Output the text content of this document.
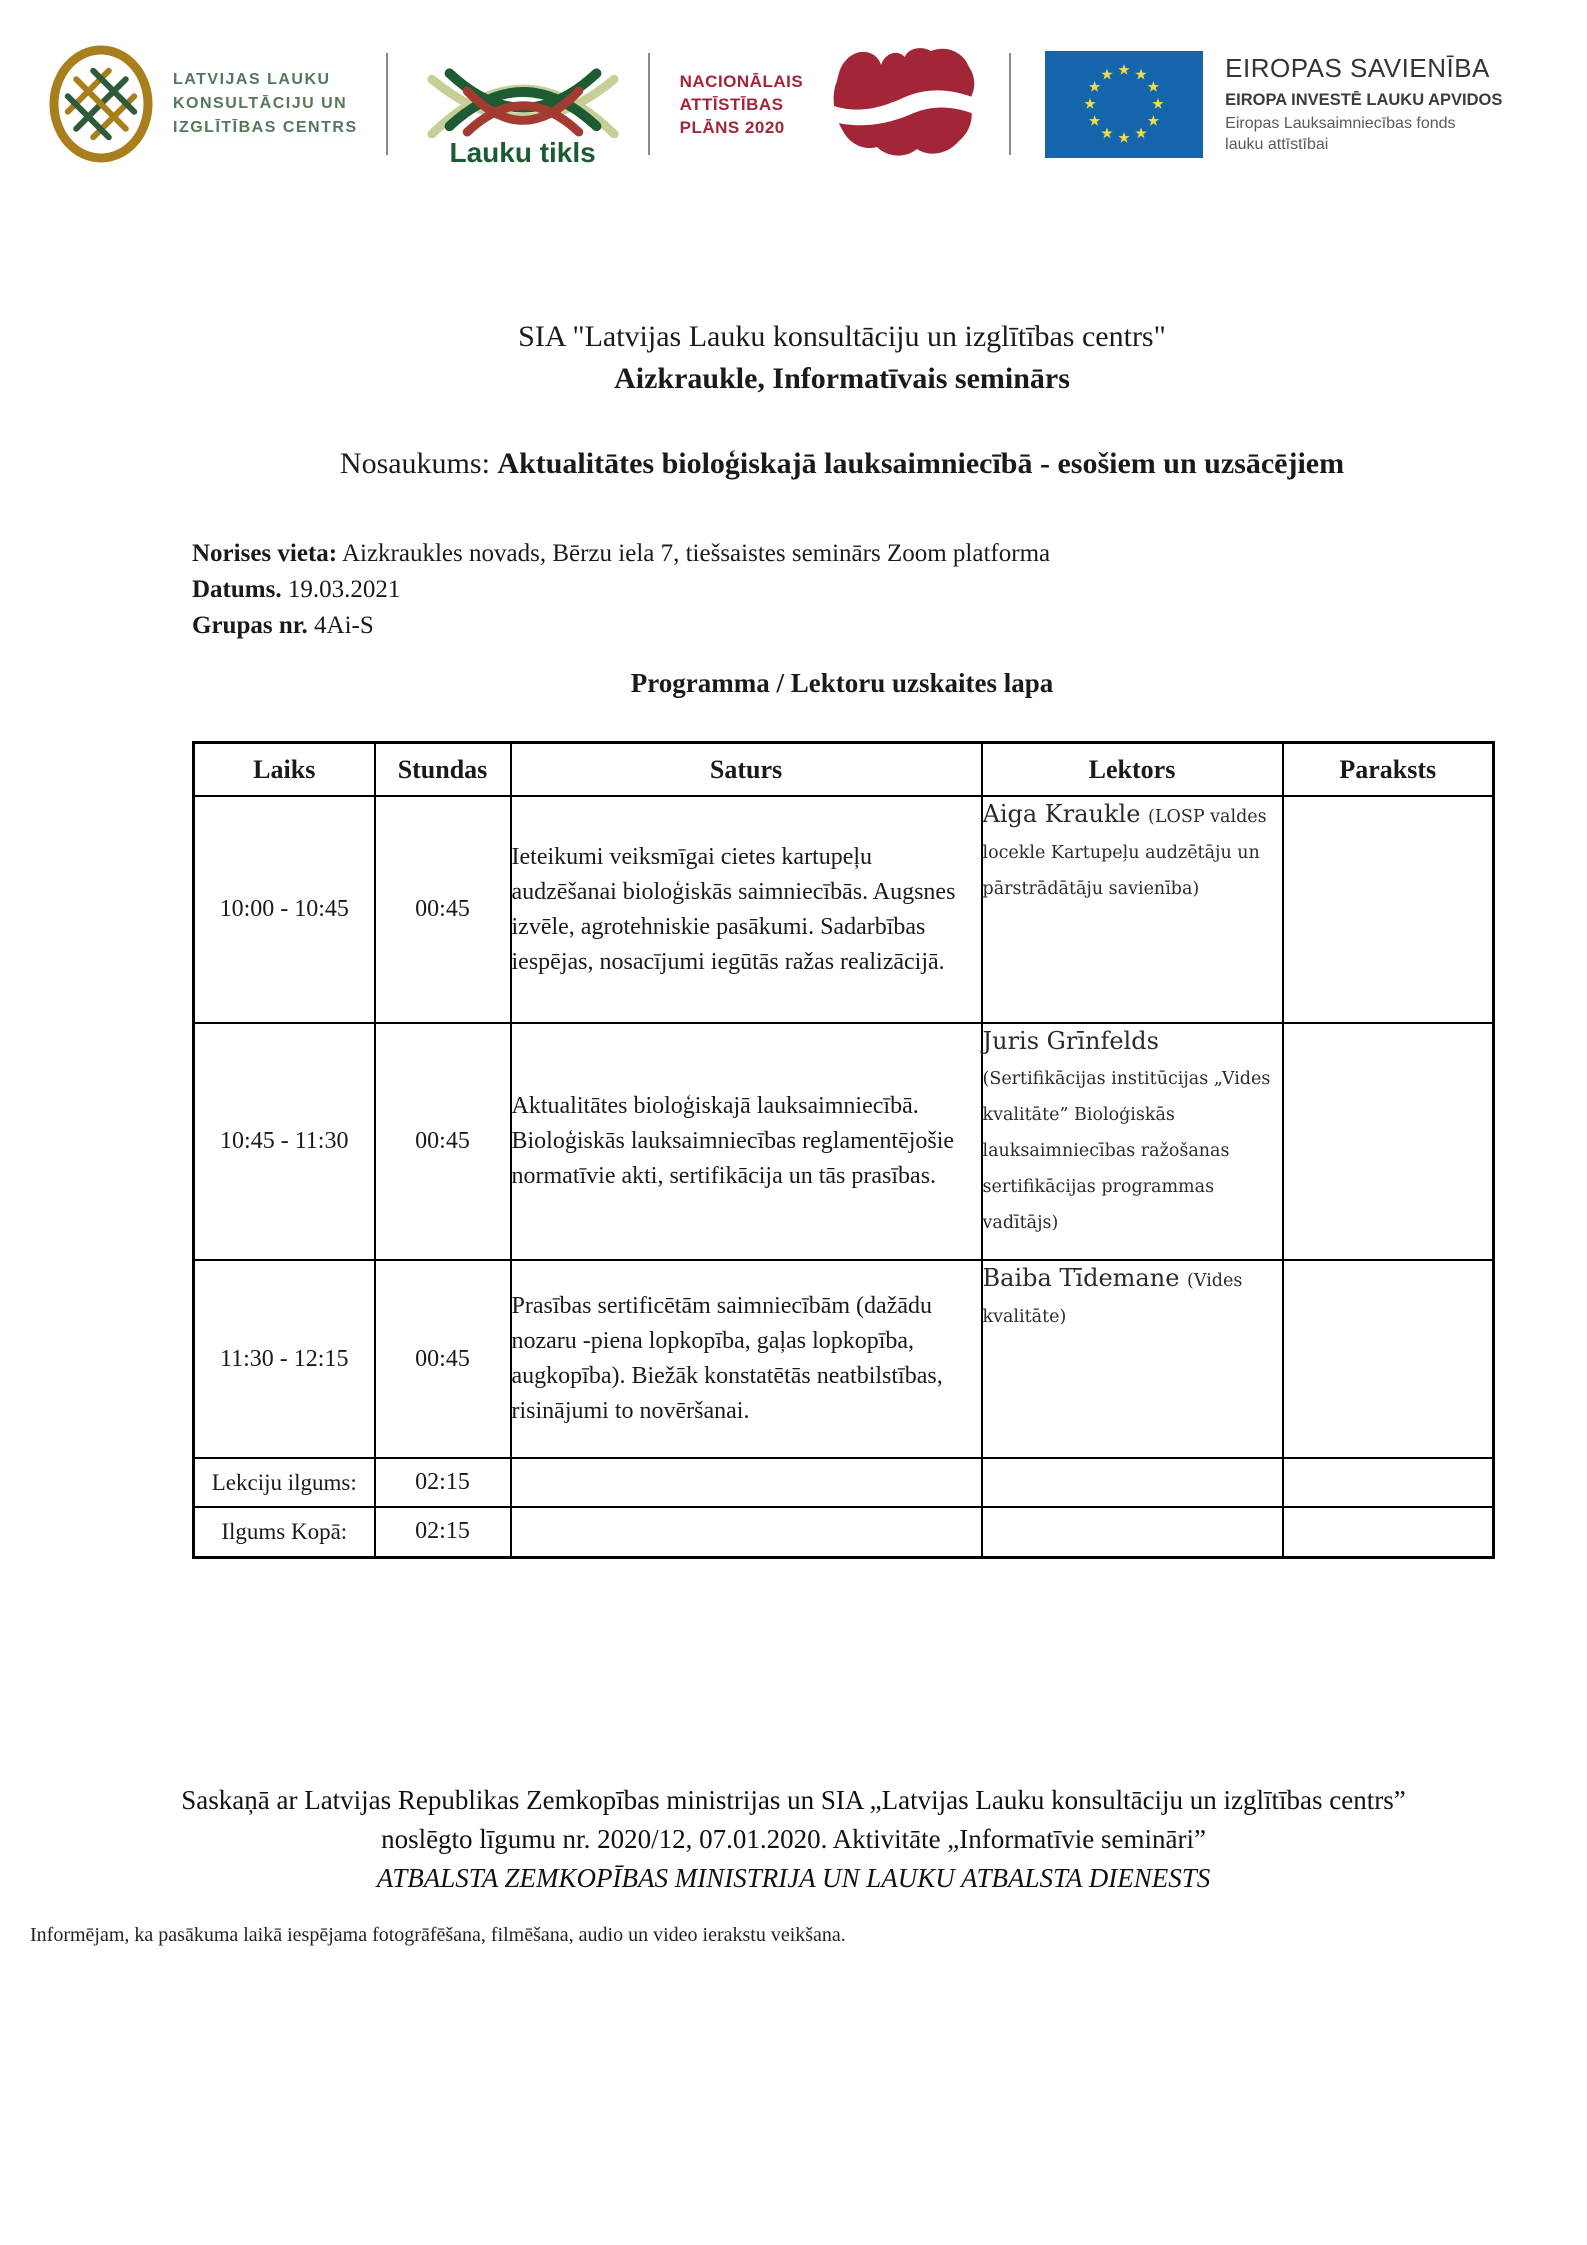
LATVIJAS LAUKU
KONSULTĀCIJU UN
IZGLĪTĪBAS CENTRS
Lauku tikls
NACIONĀLAIS
ATTĪSTĪBAS
PLĀNS 2020
EIROPAS SAVIENĪBA
EIROPA INVESTĒ LAUKU APVIDOS
Eiropas Lauksaimniecības fonds
lauku attīstībai
SIA "Latvijas Lauku konsultāciju un izglītības centrs"
Aizkraukle, Informatīvais seminārs
Nosaukums: Aktualitātes bioloģiskajā lauksaimniecībā - esošiem un uzsācējiem
Norises vieta: Aizkraukles novads, Bērzu iela 7, tiešsaistes seminārs Zoom platforma
Datums. 19.03.2021
Grupas nr. 4Ai-S
Programma / Lektoru uzskaites lapa
Laiks	Stundas	Saturs	Lektors	Paraksts
10:00 - 10:45	00:45	Ieteikumi veiksmīgai cietes kartupeļu audzēšanai bioloģiskās saimniecībās. Augsnes izvēle, agrotehniskie pasākumi. Sadarbības iespējas, nosacījumi iegūtās ražas realizācijā.	Aiga Kraukle (LOSP valdes locekle Kartupeļu audzētāju un pārstrādātāju savienība)	
10:45 - 11:30	00:45	Aktualitātes bioloģiskajā lauksaimniecībā. Bioloģiskās lauksaimniecības reglamentējošie normatīvie akti, sertifikācija un tās prasības.	Juris Grīnfelds (Sertifikācijas institūcijas „Vides kvalitāte” Bioloģiskās lauksaimniecības ražošanas sertifikācijas programmas vadītājs)	
11:30 - 12:15	00:45	Prasības sertificētām saimniecībām (dažādu nozaru -piena lopkopība, gaļas lopkopība, augkopība). Biežāk konstatētās neatbilstības, risinājumi to novēršanai.	Baiba Tīdemane (Vides kvalitāte)	
Lekciju ilgums:	02:15			
Ilgums Kopā:	02:15			
Saskaņā ar Latvijas Republikas Zemkopības ministrijas un SIA „Latvijas Lauku konsultāciju un izglītības centrs”
noslēgto līgumu nr. 2020/12, 07.01.2020. Aktivitāte „Informatīvie semināri”
ATBALSTA ZEMKOPĪBAS MINISTRIJA UN LAUKU ATBALSTA DIENESTS
Informējam, ka pasākuma laikā iespējama fotogrāfēšana, filmēšana, audio un video ierakstu veikšana.
